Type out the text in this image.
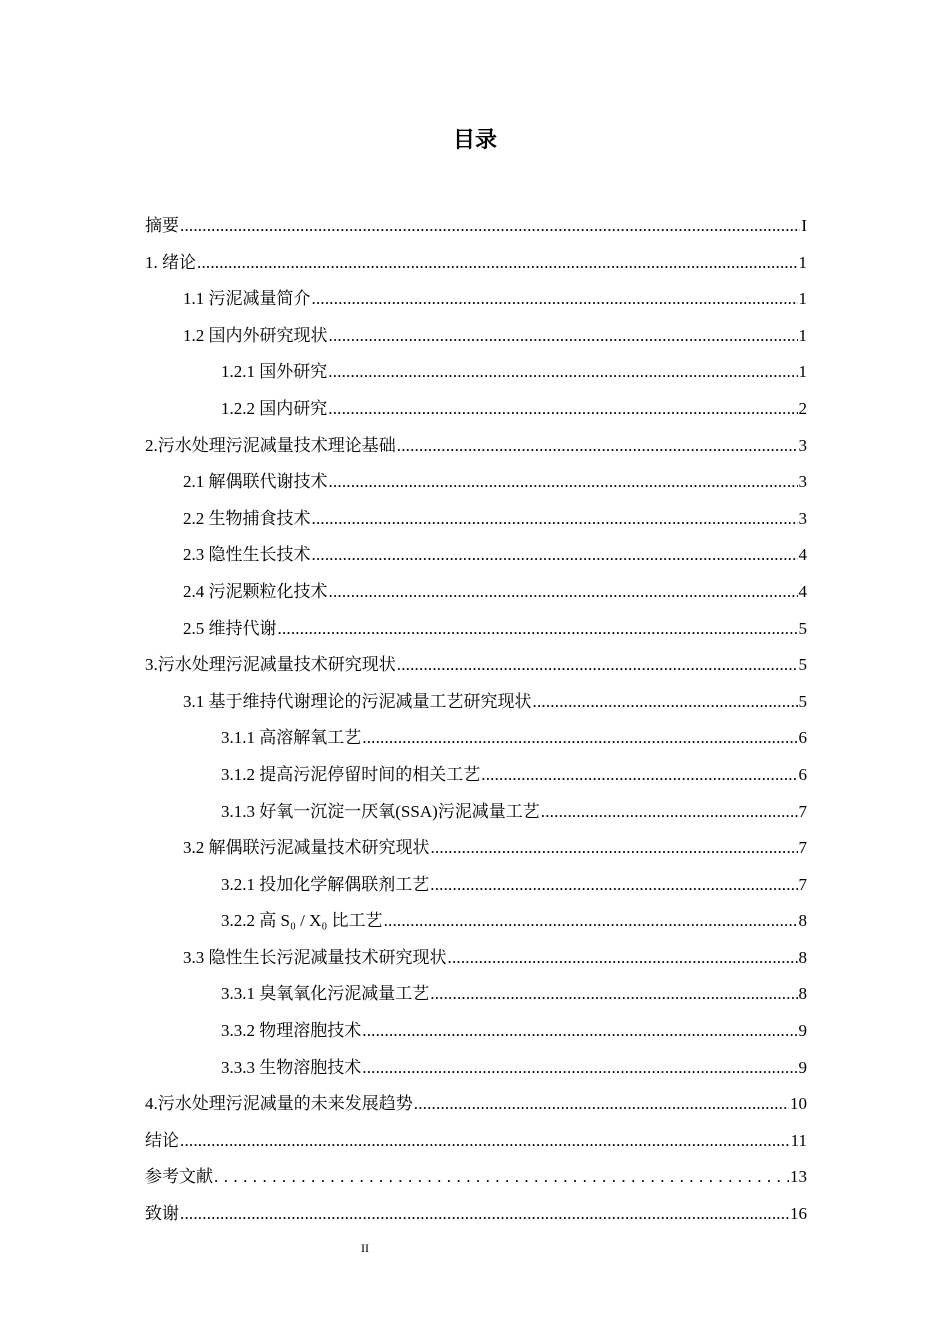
目录
摘要 .....	I
1. 绪论 .....	1
1.1 污泥减量简介 .....	1
1.2 国内外研究现状 .....	1
1.2.1 国外研究 .....	1
1.2.2 国内研究 .....	2
2.污水处理污泥减量技术理论基础 .....	3
2.1 解偶联代谢技术 .....	3
2.2 生物捕食技术 .....	3
2.3 隐性生长技术 .....	4
2.4 污泥颗粒化技术 .....	4
2.5 维持代谢 .....	5
3.污水处理污泥减量技术研究现状 .....	5
3.1 基于维持代谢理论的污泥减量工艺研究现状 .....	5
3.1.1 高溶解氧工艺 .....	6
3.1.2 提高污泥停留时间的相关工艺 .....	6
3.1.3 好氧一沉淀一厌氧(SSA)污泥减量工艺 .....	7
3.2 解偶联污泥减量技术研究现状 .....	7
3.2.1 投加化学解偶联剂工艺 .....	7
3.2.2 高 S₀ / X₀ 比工艺 .....	8
3.3 隐性生长污泥减量技术研究现状 .....	8
3.3.1 臭氧氧化污泥减量工艺 .....	8
3.3.2 物理溶胞技术 .....	9
3.3.3 生物溶胞技术 .....	9
4.污水处理污泥减量的未来发展趋势 .....	10
结论 .....	11
参考文献 . . .	13
致谢 .....	16
II
